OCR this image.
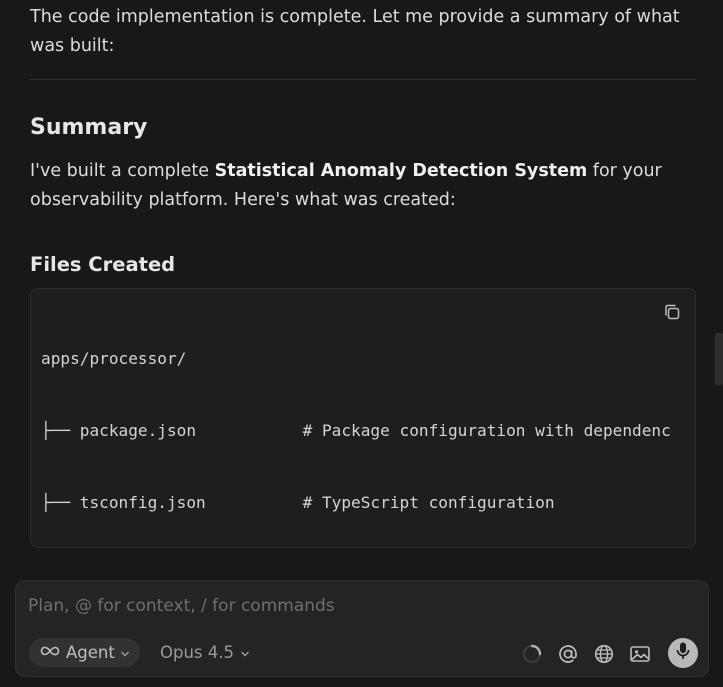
The code implementation is complete. Let me provide a summary of what was built:

Summary

I've built a complete Statistical Anomaly Detection System for your observability platform. Here's what was created:

Files Created

apps/processor/

├── package.json           # Package configuration with dependenc

├── tsconfig.json          # TypeScript configuration

Plan, @ for context, / for commands
Agent	Opus 4.5
